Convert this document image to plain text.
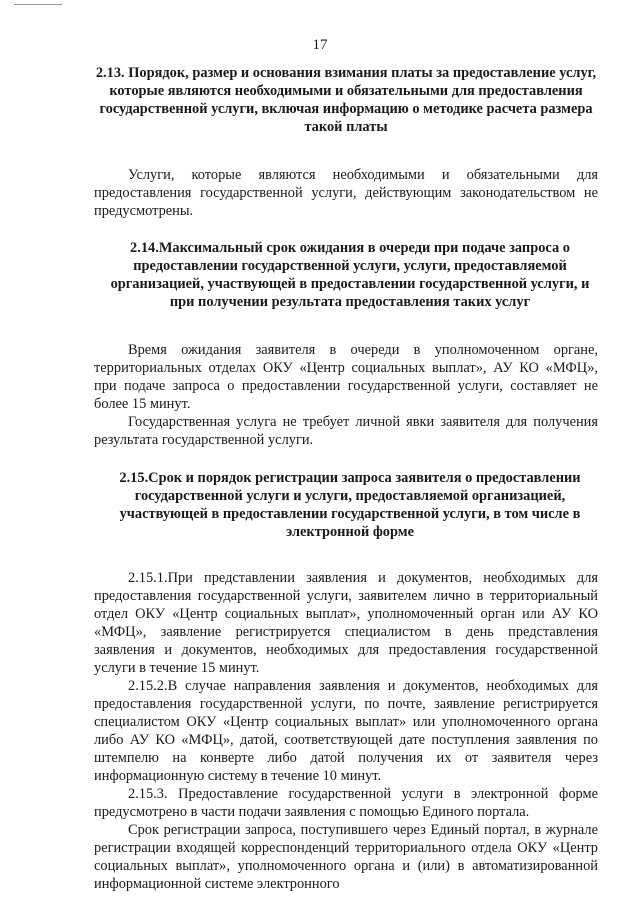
17
2.13. Порядок, размер и основания взимания платы за предоставление услуг, которые являются необходимыми и обязательными для предоставления государственной услуги, включая информацию о методике расчета размера такой платы

Услуги, которые являются необходимыми и обязательными для предоставления государственной услуги, действующим законодательством не предусмотрены.

2.14.Максимальный срок ожидания в очереди при подаче запроса о предоставлении государственной услуги, услуги, предоставляемой организацией, участвующей в предоставлении государственной услуги, и при получении результата предоставления таких услуг

Время ожидания заявителя в очереди в уполномоченном органе, территориальных отделах ОКУ «Центр социальных выплат», АУ КО «МФЦ», при подаче запроса о предоставлении государственной услуги, составляет не более 15 минут.

Государственная услуга не требует личной явки заявителя для получения результата государственной услуги.

2.15.Срок и порядок регистрации запроса заявителя о предоставлении государственной услуги и услуги, предоставляемой организацией, участвующей в предоставлении государственной услуги, в том числе в электронной форме

2.15.1.При представлении заявления и документов, необходимых для предоставления государственной услуги, заявителем лично в территориальный отдел ОКУ «Центр социальных выплат», уполномоченный орган или АУ КО «МФЦ», заявление регистрируется специалистом в день представления заявления и документов, необходимых для предоставления государственной услуги в течение 15 минут.

2.15.2.В случае направления заявления и документов, необходимых для предоставления государственной услуги, по почте, заявление регистрируется специалистом ОКУ «Центр социальных выплат» или уполномоченного органа либо АУ КО «МФЦ», датой, соответствующей дате поступления заявления по штемпелю на конверте либо датой получения их от заявителя через информационную систему в течение 10 минут.

2.15.3. Предоставление государственной услуги в электронной форме предусмотрено в части подачи заявления с помощью Единого портала.

Срок регистрации запроса, поступившего через Единый портал, в журнале регистрации входящей корреспонденций территориального отдела ОКУ «Центр социальных выплат», уполномоченного органа и (или) в автоматизированной информационной системе электронного
